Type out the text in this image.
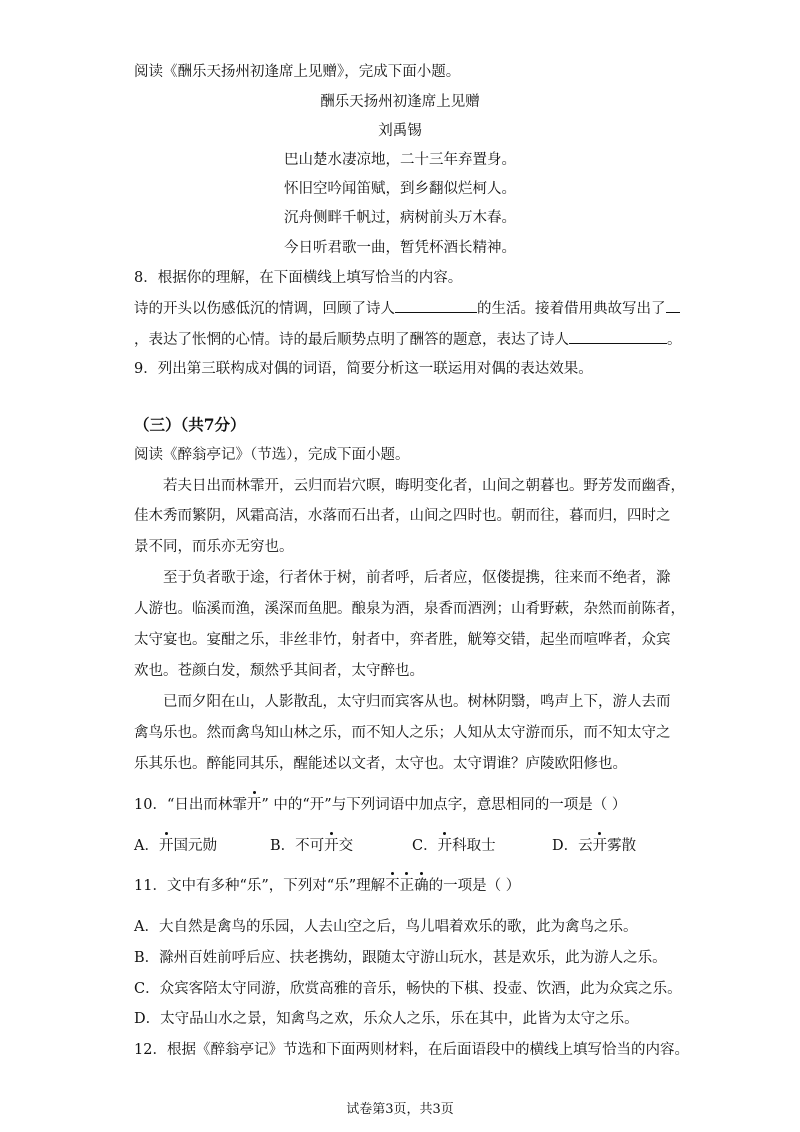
阅读《酬乐天扬州初逢席上见赠》，完成下面小题。
酬乐天扬州初逢席上见赠
刘禹锡
巴山楚水凄凉地，二十三年弃置身。
怀旧空吟闻笛赋，到乡翻似烂柯人。
沉舟侧畔千帆过，病树前头万木春。
今日听君歌一曲，暂凭杯酒长精神。
8．根据你的理解，在下面横线上填写恰当的内容。
诗的开头以伤感低沉的情调，回顾了诗人	的生活。接着借用典故写出了
，表达了怅惘的心情。诗的最后顺势点明了酬答的题意，表达了诗人	。
9．列出第三联构成对偶的词语，简要分析这一联运用对偶的表达效果。
（三）（共7分）
阅读《醉翁亭记》（节选），完成下面小题。
若夫日出而林霏开，云归而岩穴暝，晦明变化者，山间之朝暮也。野芳发而幽香，
佳木秀而繁阴，风霜高洁，水落而石出者，山间之四时也。朝而往，暮而归，四时之
景不同，而乐亦无穷也。
至于负者歌于途，行者休于树，前者呼，后者应，伛偻提携，往来而不绝者，滁
人游也。临溪而渔，溪深而鱼肥。酿泉为酒，泉香而酒洌；山肴野蔌，杂然而前陈者，
太守宴也。宴酣之乐，非丝非竹，射者中，弈者胜，觥筹交错，起坐而喧哗者，众宾
欢也。苍颜白发，颓然乎其间者，太守醉也。
已而夕阳在山，人影散乱，太守归而宾客从也。树林阴翳，鸣声上下，游人去而
禽鸟乐也。然而禽鸟知山林之乐，而不知人之乐；人知从太守游而乐，而不知太守之
乐其乐也。醉能同其乐，醒能述以文者，太守也。太守谓谁？庐陵欧阳修也。
10．“日出而林霏开” 中的“开”与下列词语中加点字，意思相同的一项是（ ）
A．开国元勋	B．不可开交	C．开科取士	D．云开雾散
11．文中有多种“乐”，下列对“乐”理解不正确的一项是（ ）
A．大自然是禽鸟的乐园，人去山空之后，鸟儿唱着欢乐的歌，此为禽鸟之乐。
B．滁州百姓前呼后应、扶老携幼，跟随太守游山玩水，甚是欢乐，此为游人之乐。
C．众宾客陪太守同游，欣赏高雅的音乐，畅快的下棋、投壶、饮酒，此为众宾之乐。
D．太守品山水之景，知禽鸟之欢，乐众人之乐，乐在其中，此皆为太守之乐。
12．根据《醉翁亭记》节选和下面两则材料，在后面语段中的横线上填写恰当的内容。
试卷第3页，共3页
